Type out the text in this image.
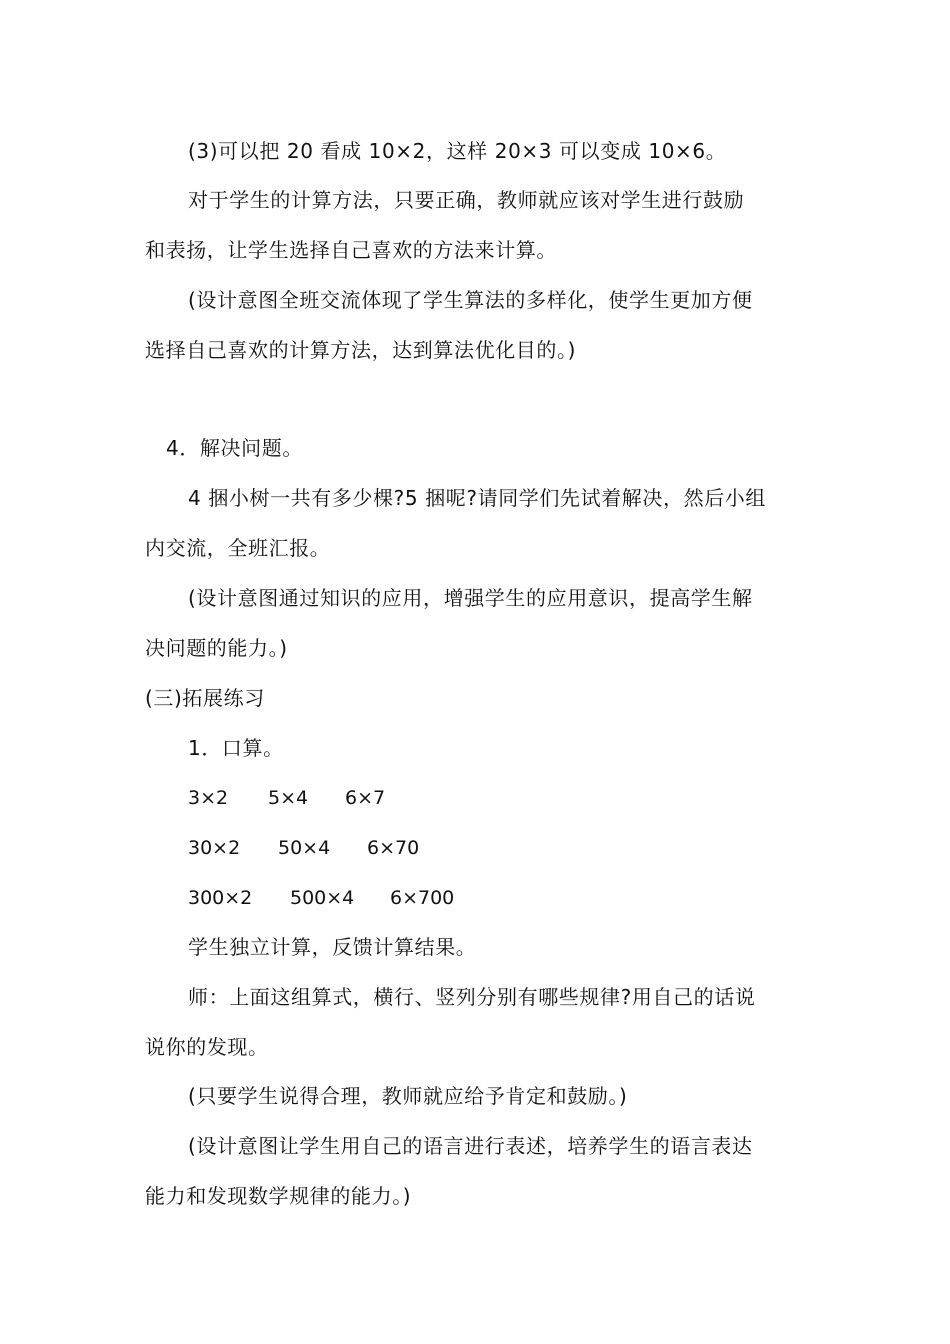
(3)可以把 20 看成 10×2，这样 20×3 可以变成 10×6。
对于学生的计算方法，只要正确，教师就应该对学生进行鼓励
和表扬，让学生选择自己喜欢的方法来计算。
(设计意图全班交流体现了学生算法的多样化，使学生更加方便
选择自己喜欢的计算方法，达到算法优化目的。)
4．解决问题。
4 捆小树一共有多少棵?5 捆呢?请同学们先试着解决，然后小组
内交流，全班汇报。
(设计意图通过知识的应用，增强学生的应用意识，提高学生解
决问题的能力。)
(三)拓展练习
1．口算。
3×2 5×4 6×7
30×2 50×4 6×70
300×2 500×4 6×700
学生独立计算，反馈计算结果。
师：上面这组算式，横行、竖列分别有哪些规律?用自己的话说
说你的发现。
(只要学生说得合理，教师就应给予肯定和鼓励。)
(设计意图让学生用自己的语言进行表述，培养学生的语言表达
能力和发现数学规律的能力。)
